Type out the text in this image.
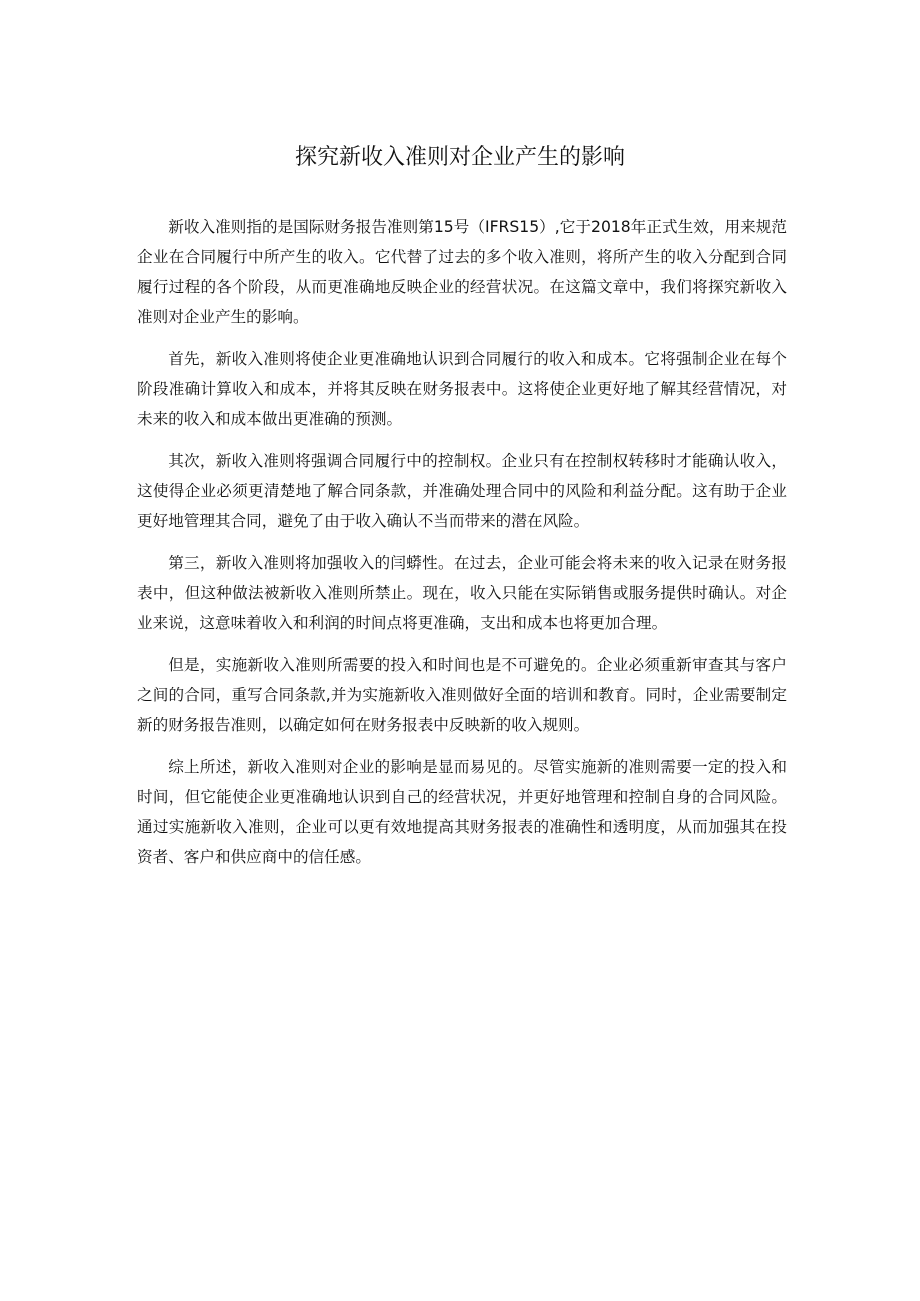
探究新收入准则对企业产生的影响

新收入准则指的是国际财务报告准则第15号（IFRS15）,它于2018年正式生效，用来规范企业在合同履行中所产生的收入。它代替了过去的多个收入准则，将所产生的收入分配到合同履行过程的各个阶段，从而更准确地反映企业的经营状况。在这篇文章中，我们将探究新收入准则对企业产生的影响。

首先，新收入准则将使企业更准确地认识到合同履行的收入和成本。它将强制企业在每个阶段准确计算收入和成本，并将其反映在财务报表中。这将使企业更好地了解其经营情况，对未来的收入和成本做出更准确的预测。

其次，新收入准则将强调合同履行中的控制权。企业只有在控制权转移时才能确认收入，这使得企业必须更清楚地了解合同条款，并准确处理合同中的风险和利益分配。这有助于企业更好地管理其合同，避免了由于收入确认不当而带来的潜在风险。

第三，新收入准则将加强收入的闫蟒性。在过去，企业可能会将未来的收入记录在财务报表中，但这种做法被新收入准则所禁止。现在，收入只能在实际销售或服务提供时确认。对企业来说，这意味着收入和利润的时间点将更准确，支出和成本也将更加合理。

但是，实施新收入准则所需要的投入和时间也是不可避免的。企业必须重新审查其与客户之间的合同，重写合同条款,并为实施新收入准则做好全面的培训和教育。同时，企业需要制定新的财务报告准则，以确定如何在财务报表中反映新的收入规则。

综上所述，新收入准则对企业的影响是显而易见的。尽管实施新的准则需要一定的投入和时间，但它能使企业更准确地认识到自己的经营状况，并更好地管理和控制自身的合同风险。通过实施新收入准则，企业可以更有效地提高其财务报表的准确性和透明度，从而加强其在投资者、客户和供应商中的信任感。
